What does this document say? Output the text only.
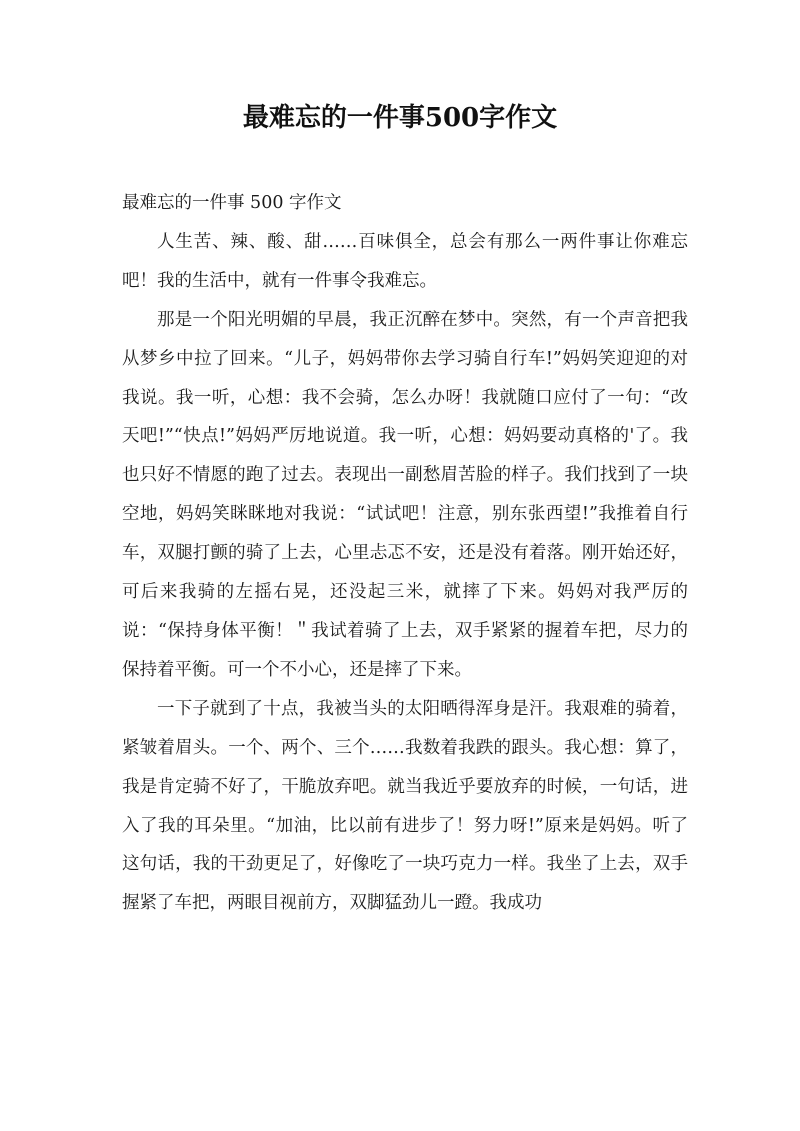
最难忘的一件事500字作文

最难忘的一件事 500 字作文

人生苦、辣、酸、甜……百味俱全，总会有那么一两件事让你难忘吧！我的生活中，就有一件事令我难忘。

那是一个阳光明媚的早晨，我正沉醉在梦中。突然，有一个声音把我从梦乡中拉了回来。“儿子，妈妈带你去学习骑自行车!”妈妈笑迎迎的对我说。我一听，心想：我不会骑，怎么办呀！我就随口应付了一句：“改天吧!”“快点!”妈妈严厉地说道。我一听，心想：妈妈要动真格的'了。我也只好不情愿的跑了过去。表现出一副愁眉苦脸的样子。我们找到了一块空地，妈妈笑眯眯地对我说：“试试吧！注意，别东张西望!”我推着自行车，双腿打颤的骑了上去，心里忐忑不安，还是没有着落。刚开始还好，可后来我骑的左摇右晃，还没起三米，就摔了下来。妈妈对我严厉的说：“保持身体平衡！＂我试着骑了上去，双手紧紧的握着车把，尽力的保持着平衡。可一个不小心，还是摔了下来。

一下子就到了十点，我被当头的太阳晒得浑身是汗。我艰难的骑着，紧皱着眉头。一个、两个、三个……我数着我跌的跟头。我心想：算了，我是肯定骑不好了，干脆放弃吧。就当我近乎要放弃的时候，一句话，进入了我的耳朵里。“加油，比以前有进步了！努力呀!”原来是妈妈。听了这句话，我的干劲更足了，好像吃了一块巧克力一样。我坐了上去，双手握紧了车把，两眼目视前方，双脚猛劲儿一蹬。我成功
